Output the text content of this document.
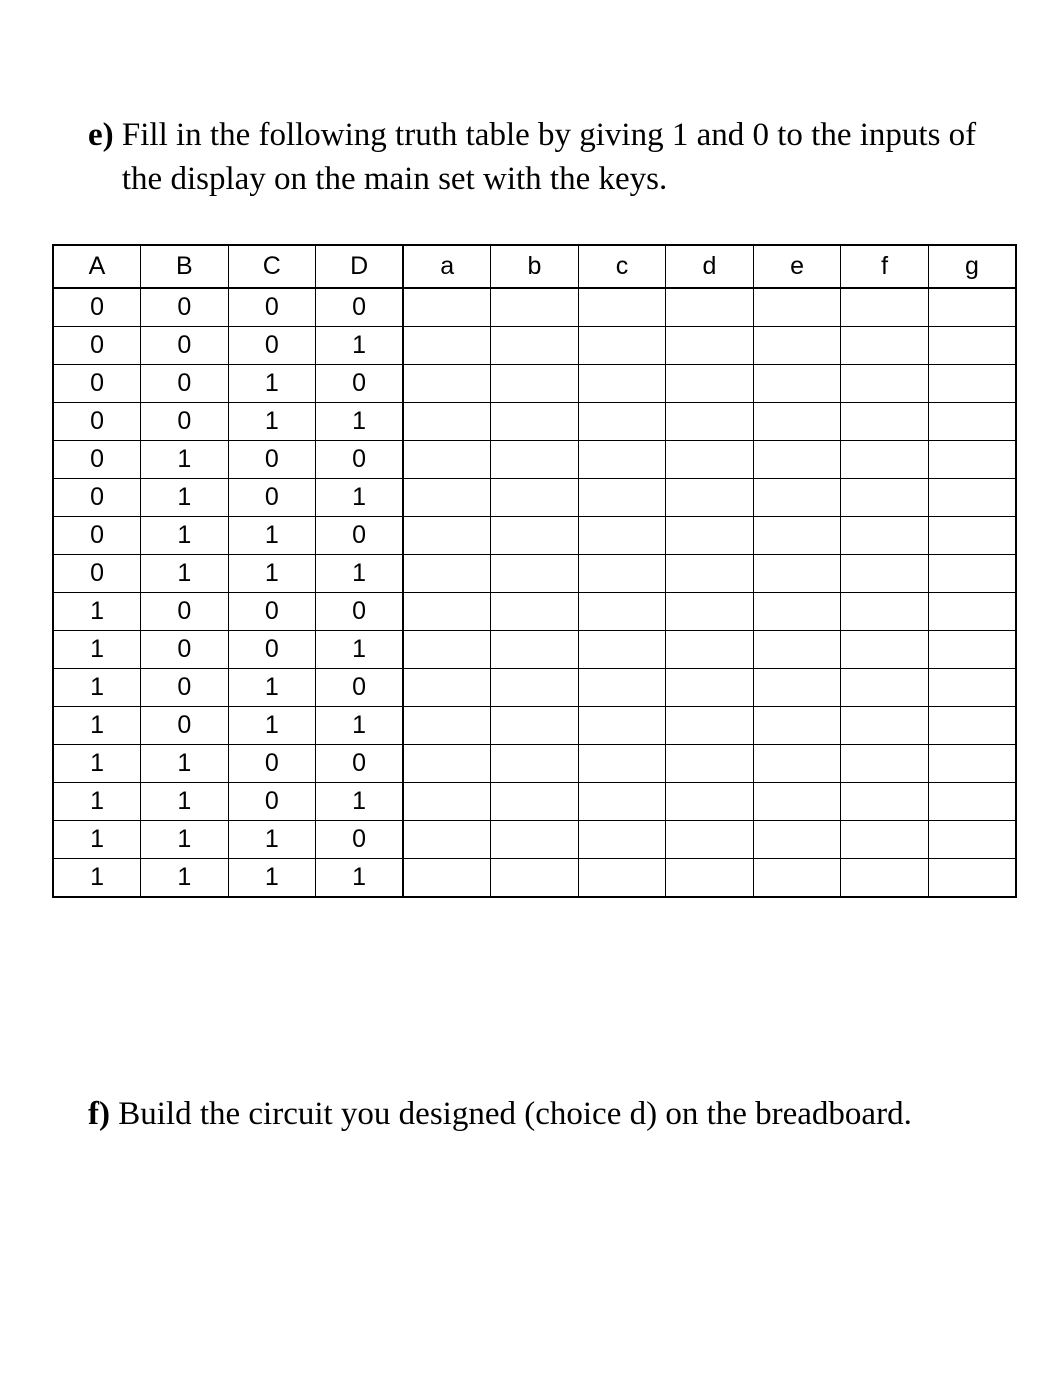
e) Fill in the following truth table by giving 1 and 0 to the inputs of the display on the main set with the keys.

A	B	C	D	a	b	c	d	e	f	g
0	0	0	0							
0	0	0	1							
0	0	1	0							
0	0	1	1							
0	1	0	0							
0	1	0	1							
0	1	1	0							
0	1	1	1							
1	0	0	0							
1	0	0	1							
1	0	1	0							
1	0	1	1							
1	1	0	0							
1	1	0	1							
1	1	1	0							
1	1	1	1							

f) Build the circuit you designed (choice d) on the breadboard.
